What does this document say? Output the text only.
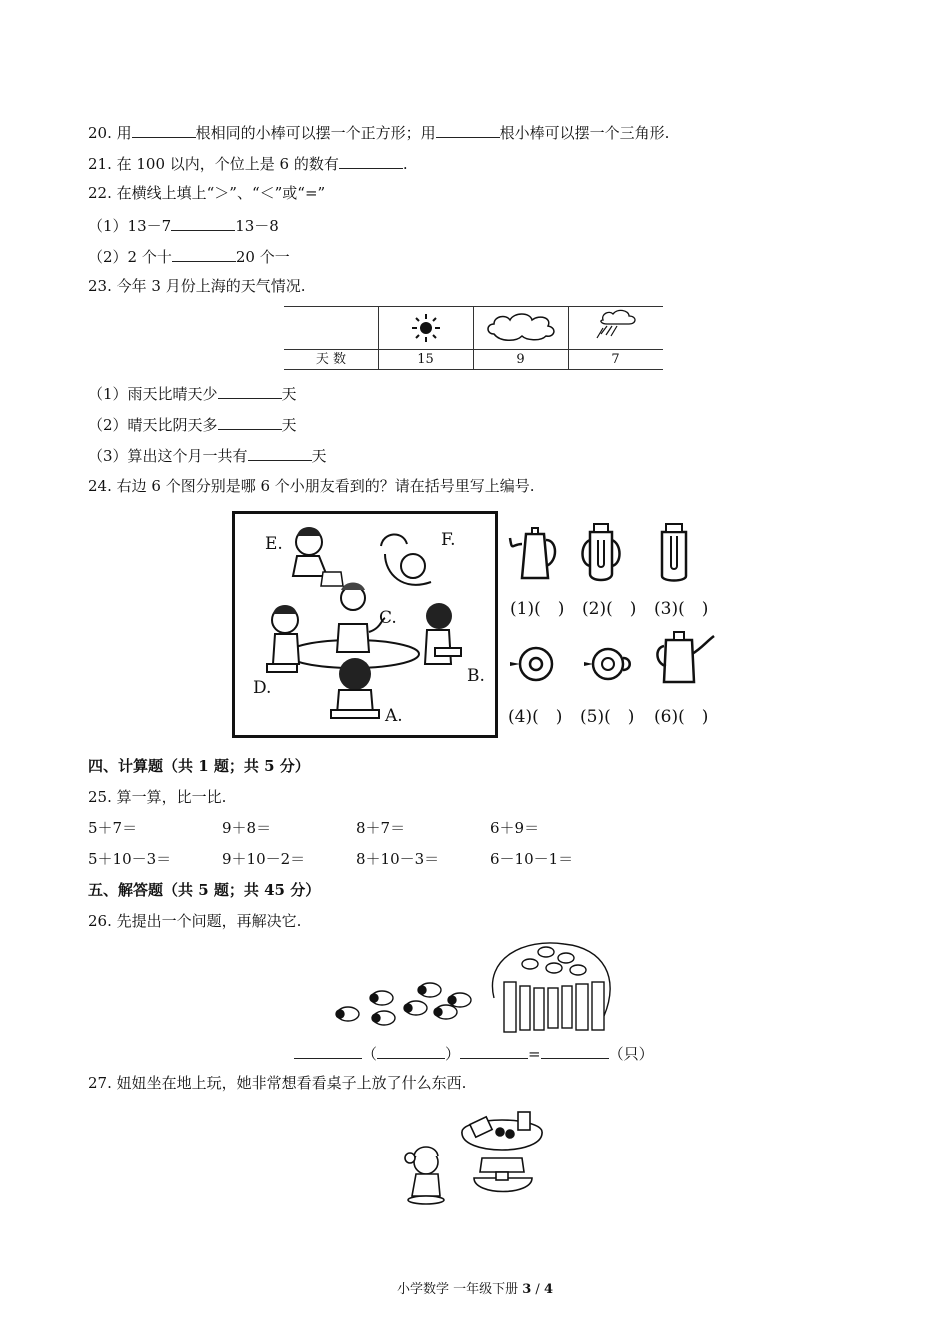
20. 用	根相同的小棒可以摆一个正方形；用	根小棒可以摆一个三角形.
21. 在 100 以内，个位上是 6 的数有	.
22. 在横线上填上“＞”、“＜”或“=”
（1）13－7	13－8
（2）2 个十	20 个一
23. 今年 3 月份上海的天气情况.
天 数	15	9	7
（1）雨天比晴天少	天
（2）晴天比阴天多	天
（3）算出这个月一共有	天
24. 右边 6 个图分别是哪 6 个小朋友看到的？请在括号里写上编号.
E.	F.
C.
B.
D.
A.
(1)(　) (2)(　) (3)(　)
(4)(　) (5)(　) (6)(　)
四、计算题（共 1 题；共 5 分）
25. 算一算，比一比.
5＋7＝	9＋8＝	8＋7＝	6＋9＝
5＋10－3＝	9＋10－2＝	8＋10－3＝	6－10－1＝
五、解答题（共 5 题；共 45 分）
26. 先提出一个问题，再解决它.
（	）	=	（只）
27. 妞妞坐在地上玩，她非常想看看桌子上放了什么东西.
小学数学 一年级下册 3 / 4
